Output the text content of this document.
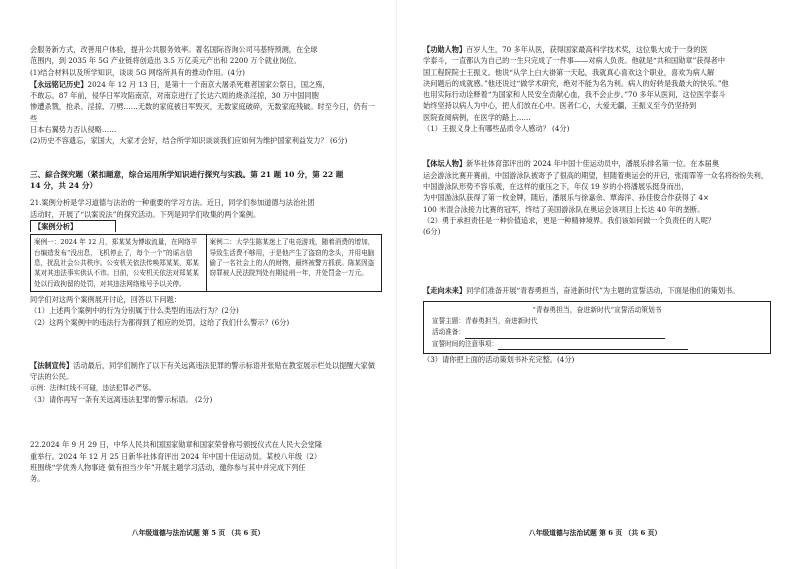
会服务新方式，改善用户体验，提升公共服务效率。著名国际咨询公司马基特预测，在全球

范围内，到 2035 年 5G 产业链将创造出 3.5 万亿美元产出和 2200 万个就业岗位。

(1)结合材料以及所学知识，谈谈 5G 网络所具有的推动作用。(4分)

【永远铭记历史】2024 年 12 月 13 日，是第十一个南京大屠杀死难者国家公祭日，国之殇，

不敢忘。87 年前，侵华日军攻陷南京，对南京进行了长达六周的烧杀淫掠，30 万中国同胞

惨遭杀戮，抢杀、淫掠、刀劈……无数的家庭被日军毁灭，无数家庭破碎，无数家庭残破。时至今日，仍有一些

日本右翼势力否认侵略……

(2)历史不容遗忘，家国大，大家才会好，结合所学知识谈谈我们应如何为维护国家利益发力？ (6分)

三、綜合探究题（紧扣题意，综合运用所学知识进行探究与实践。第 21 题 10 分，第 22 题

14 分，共 24 分）

21.案例分析是学习道德与法治的一种重要的学习方法。近日，同学们参加道德与法治社团

活动时，开展了“以案说法”的探究活动。下列是同学们收集的两个案例。

【案例分析】
案例一：2024 年 12 月，郑某某为博取流量，在网络平台编造发布“没出息，飞机停止了，每个一个”的谣言信息，扰乱社会公共秩序。公安机关依法传唤郑某某，郑某某对其违法事实供认不讳。目前，公安机关依法对郑某某处以行政拘留的处罚，对其违法网络账号予以关停。
案例二：大学生陈某迷上了电竞游戏，随着消费的增加，导致生活费不够用，于是他产生了盗窃的念头，并用电脑偷了一名社会上的人的财物，最终被警方抓获。陈某因盗窃罪被人民法院判处有期徒刑一年，并处罚金一万元。

同学们对这两个案例展开讨论，回答以下问题：

（1）上述两个案例中的行为分别属于什么类型的违法行为？(2分)

（2）这两个案例中的违法行为都得到了相应的处罚，这给了我们什么警示？(6分)

【法制宣传】活动最后，同学们制作了以下有关远离违法犯罪的警示标语并张贴在教室展示栏处以提醒大家做守法的公民。

示例：法律红线不可碰，违法犯罪必严惩。

（3）请你再写一条有关远离违法犯罪的警示标语。 (2分)

22.2024 年 9 月 29 日，中华人民共和国国家勋章和国家荣誉称号颁授仪式在人民大会堂隆

重举行。2024 年 12 月 25 日新华社体育评出 2024 年中国十佳运动员。某校八年级（2）

班围绕“学优秀人物事迹 做有担当少年”开展主题学习活动，邀你参与其中并完成下列任

务。

八年级道德与法治试题 第 5 页 （共 6 页）

【功勋人物】百岁人生，70 多年从医，获得国家最高科学技术奖，这位集大成于一身的医

学泰斗，一直都认为自己的一生只完成了一件事——对病人负责。他就是“共和国勋章”获得者中

国工程院院士王振义。他说“从学上白大褂第一天起，我就真心喜欢这个职业，喜欢为病人解

决问题后的成就感。”他还说过“做学术研究，绝对不能为名为利。病人的好转是我最大的快乐。”他

也用实际行动诠释着“为国家和人民安全贡献心血，我不会止步。”70 多年从医间，这位医学泰斗

始终坚持以病人为中心，把人们放在心中。医者仁心，大爱无疆，王振义至今仍坚持到

医院查阅病例，在医学的路上……

（1）王振义身上有哪些品质令人感动？ (4分)

【体坛人物】新华社体育部评出的 2024 年中国十佳运动员中，潘展乐排名第一位。在本届奥

运会游泳比赛开赛前，中国游泳队被寄予了很高的期望，但随着奥运会的开启，张雨霏等一众名将纷纷失利，

中国游泳队形势不容乐观，在这样的重压之下，年仅 19 岁的小将潘展乐挺身而出，

为中国游泳队获得了第一枚金牌，随后，潘展乐与徐嘉余、覃海洋、孙佳俊合作获得了 4×

100 米混合泳接力比赛的冠军，终结了美国游泳队在奥运会该项目上长达 40 年的垄断。

（2）勇于承担责任是一种价值追求，更是一种精神境界。我们该如何做一个负责任的人呢？

(6分)

【走向未来】同学们准备开展“青春勇担当，奋进新时代”为主题的宣誓活动，下面是他们的策划书。

“青春勇担当，奋进新时代”宣誓活动策划书

宣誓主题：青春勇担当，奋进新时代

活动准备：

宣誓时间的注意事项：

（3）请你把上面的活动策划书补充完整。(4分)

八年级道德与法治试题 第 6 页 （共 6 页）
